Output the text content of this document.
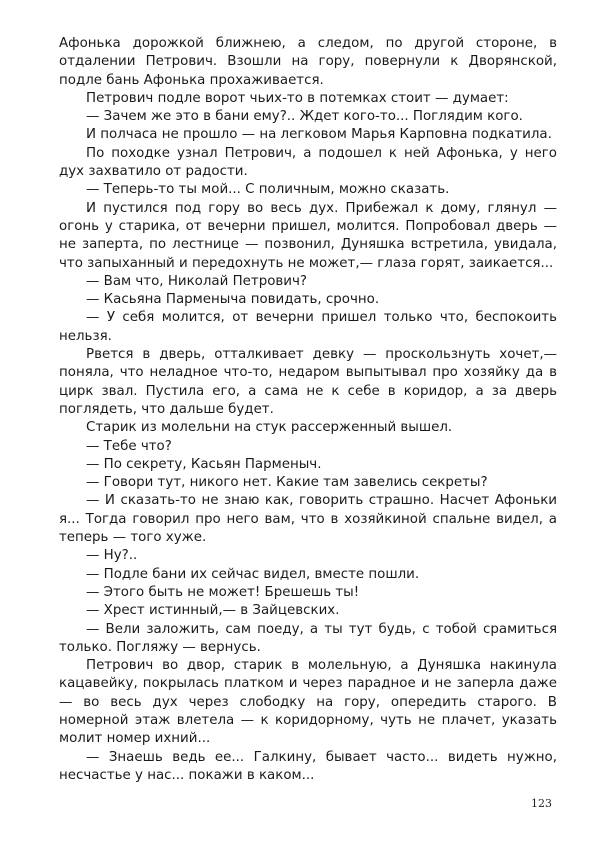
Афонька дорожкой ближнею, а следом, по другой стороне, в отдалении Петрович. Взошли на гору, повернули к Дворянской, подле бань Афонька прохаживается.

Петрович подле ворот чьих-то в потемках стоит — думает:

— Зачем же это в бани ему?.. Ждет кого-то... Поглядим кого.

И полчаса не прошло — на легковом Марья Карповна подкатила.

По походке узнал Петрович, а подошел к ней Афонька, у него дух захватило от радости.

— Теперь-то ты мой... С поличным, можно сказать.

И пустился под гору во весь дух. Прибежал к дому, глянул — огонь у старика, от вечерни пришел, молится. Попробовал дверь — не заперта, по лестнице — позвонил, Дуняшка встретила, увидала, что запыханный и передохнуть не может,— глаза горят, заикается...

— Вам что, Николай Петрович?

— Касьяна Парменыча повидать, срочно.

— У себя молится, от вечерни пришел только что, беспокоить нельзя.

Рвется в дверь, отталкивает девку — проскользнуть хочет,— поняла, что неладное что-то, недаром выпытывал про хозяйку да в цирк звал. Пустила его, а сама не к себе в коридор, а за дверь поглядеть, что дальше будет.

Старик из молельни на стук рассерженный вышел.

— Тебе что?

— По секрету, Касьян Парменыч.

— Говори тут, никого нет. Какие там завелись секреты?

— И сказать-то не знаю как, говорить страшно. Насчет Афоньки я... Тогда говорил про него вам, что в хозяйкиной спальне видел, а теперь — того хуже.

— Ну?..

— Подле бани их сейчас видел, вместе пошли.

— Этого быть не может! Брешешь ты!

— Хрест истинный,— в Зайцевских.

— Вели заложить, сам поеду, а ты тут будь, с тобой срамиться только. Погляжу — вернусь.

Петрович во двор, старик в молельную, а Дуняшка накинула кацавейку, покрылась платком и через парадное и не заперла даже — во весь дух через слободку на гору, опередить старого. В номерной этаж влетела — к коридорному, чуть не плачет, указать молит номер ихний...

— Знаешь ведь ее... Галкину, бывает часто... видеть нужно, несчастье у нас... покажи в каком...

123
